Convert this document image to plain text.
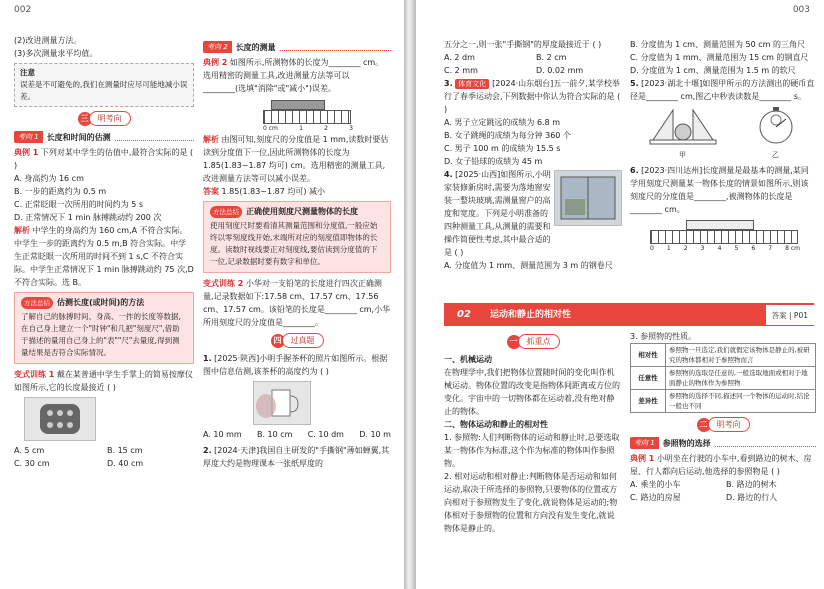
002

(2)改进测量方法。

(3)多次测量求平均值。

注意
误差是不可避免的,我们在测量时应尽可能地减小误差。
三	明考向
考向 1	长度和时间的估测

典例 1 下列对某中学生的估值中,最符合实际的是 ( )

A. 身高约为 16 cm

B. 一步的距离约为 0.5 m

C. 正常眨眼一次所用的时间约为 5 s

D. 正常情况下 1 min 脉搏跳动约 200 次

解析 中学生的身高约为 160 cm,A 不符合实际。中学生一步的距离约为 0.5 m,B 符合实际。中学生正常眨眼一次所用的时间不到 1 s,C 不符合实际。中学生正常情况下 1 min 脉搏跳动约 75 次,D 不符合实际。选 B。

方法总结 估测长度(或时间)的方法
了解自己的脉搏时间、身高、一拃的长度等数据,在自己身上建立一个"时钟"和几把"刻度尺",借助于描述的量用自己身上的"表""尺"去量度,得到测量结果是否符合实际情况。

变式训练 1 戴在某普通中学生手掌上的简易按摩仪如图所示,它的长度最接近 ( )

A. 5 cm	B. 15 cm

C. 30 cm	D. 40 cm

考向 2	长度的测量

典例 2 如图所示,所测物体的长度为________ cm。选用精密的测量工具,改进测量方法等可以________(选填"消除"或"减小")误差。

0 cm	1	2	3

解析 由图可知,刻度尺的分度值是 1 mm,读数时要估读到分度值下一位,因此所测物体的长度为 1.85(1.83~1.87 均可) cm。选用精密的测量工具,改进测量方法等可以减小误差。

答案 1.85(1.83~1.87 均可) 减小

方法总结 正确使用刻度尺测量物体的长度
使用刻度尺时要看清其测量范围和分度值,一般应始终以零刻度线开始,末端所对应的刻度值即物体的长度。读数时视线要正对刻度线,要估读到分度值的下一位,记录数据时要有数字和单位。

变式训练 2 小华对一支铅笔的长度进行四次正确测量,记录数据如下:17.58 cm、17.57 cm、17.56 cm、17.57 cm。该铅笔的长度是________ cm,小华所用刻度尺的分度值是________。

四	过真题

1. [2025·陕西]小明手握茶杯的照片如图所示。根据图中信息估测,该茶杯的高度约为 ( )

A. 10 mm B. 10 cm C. 10 dm D. 10 m

2. [2024·天津]我国自主研发的"手撕钢"薄如蝉翼,其厚度大约是物理课本一张纸厚度的

003

五分之一,则一张"手撕钢"的厚度最接近于 ( )

A. 2 dm	B. 2 cm

C. 2 mm	D. 0.02 mm

3. 体育文化 [2024·山东烟台]五一前夕,某学校举行了春季运动会,下列数据中你认为符合实际的是 ( )

A. 男子立定跳远的成绩为 6.8 m

B. 女子跳绳的成绩为每分钟 360 个

C. 男子 100 m 的成绩为 15.5 s

D. 女子铅球的成绩为 45 m

4. [2025·山西]如图所示,小明家装修新房时,需要为落地窗安装一整块玻璃,需测量窗户的高度和宽度。下列是小明准备的四种测量工具,从测量的需要和操作简便性考虑,其中最合适的是 ( )

A. 分度值为 1 mm、测量范围为 3 m 的钢卷尺

B. 分度值为 1 cm、测量范围为 50 cm 的三角尺

C. 分度值为 1 mm、测量范围为 15 cm 的钢直尺

D. 分度值为 1 cm、测量范围为 1.5 m 的软尺

5. [2023·湖北十堰]如图甲所示的方法测出的硬币直径是________ cm,图乙中秒表读数是________ s。

甲	乙

6. [2023·四川达州]长度测量是最基本的测量,某同学用刻度尺测量某一物体长度的情景如图所示,则该刻度尺的分度值是________,被测物体的长度是________ cm。

0 1 2 3 4 5 6 7 8 cm
02	运动和静止的相对性	答案 | P01
一	抓重点

一、机械运动

在物理学中,我们把物体位置随时间的变化叫作机械运动。物体位置的改变是指物体间距离或方位的变化。宇宙中的一切物体都在运动着,没有绝对静止的物体。

二、物体运动和静止的相对性

1. 参照物:人们判断物体的运动和静止时,总要选取某一物体作为标准,这个作为标准的物体叫作参照物。

2. 相对运动和相对静止:判断物体是否运动和如何运动,取决于所选择的参照物,只要物体的位置或方向相对于参照物发生了变化,就说物体是运动的;物体相对于参照物的位置和方向没有发生变化,就说物体是静止的。

3. 参照物的性质。

相对性	参照物一旦选定,我们就假定该物体是静止的,被研究的物体都相对于参照物而言
任意性	参照物的选取是任意的,一般选取地面或相对于地面静止的物体作为参照物
差异性	参照物的选择不同,描述同一个物体的运动时,结论一般也不同
二	明考向
考向 1	参照物的选择

典例 1 小明坐在行驶的小车中,看到路边的树木、房屋、行人都向后运动,他选择的参照物是 ( )

A. 乘坐的小车	B. 路边的树木

C. 路边的房屋	D. 路边的行人
